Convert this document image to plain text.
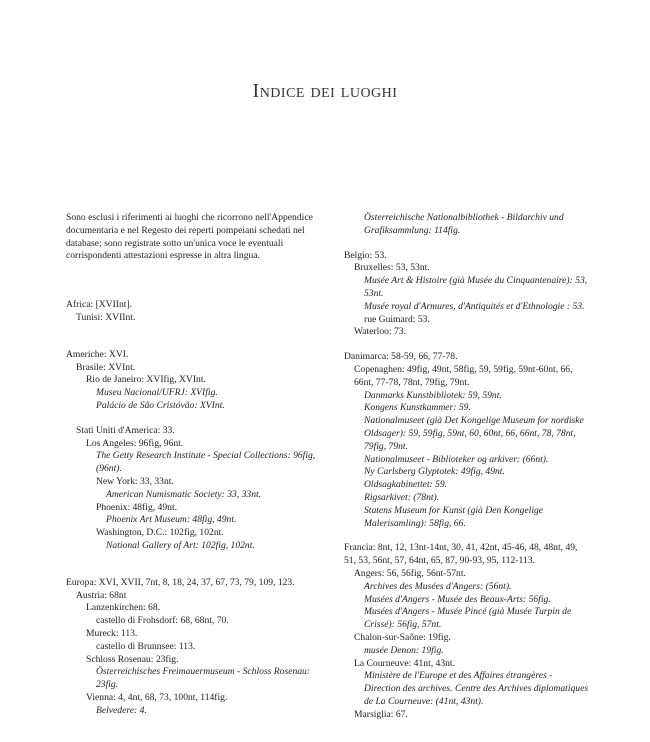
Indice dei luoghi

Sono esclusi i riferimenti ai luoghi che ricorrono nell'Appendice documentaria e nel Regesto dei reperti pompeiani schedati nel database; sono registrate sotto un'unica voce le eventuali corrispondenti attestazioni espresse in altra lingua.

Africa: [XVIInt].
Tunisi: XVIInt.
Americhe: XVI.
Brasile: XVInt.
Rio de Janeiro: XVIfig, XVInt.
Museu Nacional/UFRJ: XVIfig.
Palácio de São Cristóvão: XVInt.
Stati Uniti d'America: 33.
Los Angeles: 96fig, 96nt.
The Getty Research Institute - Special Collections: 96fig, (96nt).
New York: 33, 33nt.
American Numismatic Society: 33, 33nt.
Phoenix: 48fig, 49nt.
Phoenix Art Museum: 48fig, 49nt.
Washington, D.C.: 102fig, 102nt.
National Gallery of Art: 102fig, 102nt.
Europa: XVI, XVII, 7nt, 8, 18, 24, 37, 67, 73, 79, 109, 123.
Austria: 68nt
Lanzenkirchen: 68.
castello di Frohsdorf: 68, 68nt, 70.
Mureck: 113.
castello di Brunnsee: 113.
Schloss Rosenau: 23fig.
Österreichisches Freimauermuseum - Schloss Rosenau: 23fig.
Vienna: 4, 4nt, 68, 73, 100nt, 114fig.
Belvedere: 4.
Österreichische Nationalbibliothek - Bildarchiv und Grafiksammlung: 114fig.
Belgio: 53.
Bruxelles: 53, 53nt.
Musée Art & Histoire (già Musée du Cinquantenaire): 53, 53nt.
Musée royal d'Armures, d'Antiquités et d'Ethnologie : 53.
rue Guimard: 53.
Waterloo: 73.
Danimarca: 58-59, 66, 77-78.
Copenaghen: 49fig, 49nt, 58fig, 59, 59fig, 59nt-60nt, 66, 66nt, 77-78, 78nt, 79fig, 79nt.
Danmarks Kunstbibliotek: 59, 59nt.
Kongens Kunstkammer: 59.
Nationalmuseet (già Det Kongelige Museum for nordiske Oldsager): 59, 59fig, 59nt, 60, 60nt, 66, 66nt, 78, 78nt, 79fig, 79nt.
Nationalmuseet - Biblioteker og arkiver: (66nt).
Ny Carlsberg Glyptotek: 49fig, 49nt.
Oldsagkabinettet: 59.
Rigsarkivet: (78nt).
Statens Museum for Kunst (già Den Kongelige Malerisamling): 58fig, 66.
Francia: 8nt, 12, 13nt-14nt, 30, 41, 42nt, 45-46, 48, 48nt, 49, 51, 53, 56nt, 57, 64nt, 65, 87, 90-93, 95, 112-113.
Angers: 56, 56fig, 56nt-57nt.
Archives des Musées d'Angers: (56nt).
Musées d'Angers - Musée des Beaux-Arts: 56fig.
Musées d'Angers - Musée Pincé (già Musée Turpin de Crissé): 56fig, 57nt.
Chalon-sur-Saône: 19fig.
musée Denon: 19fig.
La Courneuve: 41nt, 43nt.
Ministère de l'Europe et des Affaires étrangères - Direction des archives. Centre des Archives diplomatiques de La Courneuve: (41nt, 43nt).
Marsiglia: 67.
